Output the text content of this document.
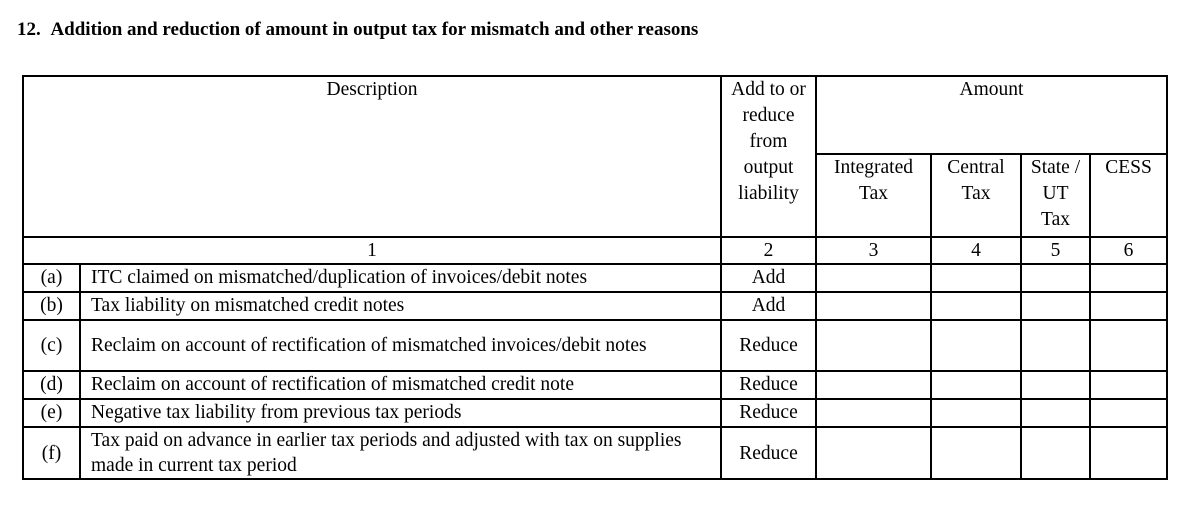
12. Addition and reduction of amount in output tax for mismatch and other reasons
Description		Add to or reduce from output liability	Amount			
			Integrated Tax	Central Tax	State / UT Tax	CESS
1		2	3	4	5	6
(a)	ITC claimed on mismatched/duplication of invoices/debit notes	Add				
(b)	Tax liability on mismatched credit notes	Add				
(c)	Reclaim on account of rectification of mismatched invoices/debit notes	Reduce				
(d)	Reclaim on account of rectification of mismatched credit note	Reduce				
(e)	Negative tax liability from previous tax periods	Reduce				
(f)	Tax paid on advance in earlier tax periods and adjusted with tax on supplies made in current tax period	Reduce				
